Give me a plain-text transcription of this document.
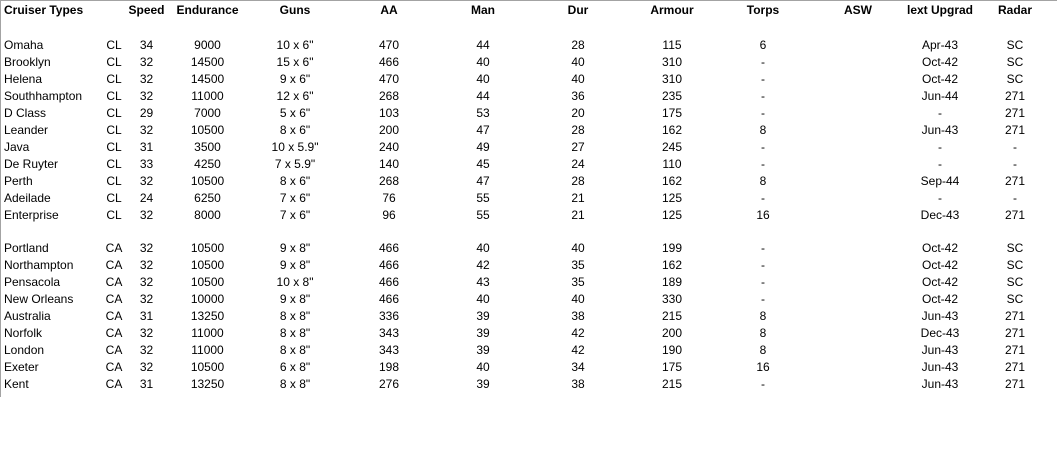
Cruiser Types		Speed	Endurance	Guns	AA	Man	Dur	Armour	Torps	ASW	lext Upgrad	Radar

Omaha	CL	34	9000	10 x 6"	470	44	28	115	6		Apr-43	SC
Brooklyn	CL	32	14500	15 x 6"	466	40	40	310	-		Oct-42	SC
Helena	CL	32	14500	9 x 6"	470	40	40	310	-		Oct-42	SC
Southhampton	CL	32	11000	12 x 6"	268	44	36	235	-		Jun-44	271
D Class	CL	29	7000	5 x 6"	103	53	20	175	-		-	271
Leander	CL	32	10500	8 x 6"	200	47	28	162	8		Jun-43	271
Java	CL	31	3500	10 x 5.9"	240	49	27	245	-		-	-
De Ruyter	CL	33	4250	7 x 5.9"	140	45	24	110	-		-	-
Perth	CL	32	10500	8 x 6"	268	47	28	162	8		Sep-44	271
Adeilade	CL	24	6250	7 x 6"	76	55	21	125	-		-	-
Enterprise	CL	32	8000	7 x 6"	96	55	21	125	16		Dec-43	271

Portland	CA	32	10500	9 x 8"	466	40	40	199	-		Oct-42	SC
Northampton	CA	32	10500	9 x 8"	466	42	35	162	-		Oct-42	SC
Pensacola	CA	32	10500	10 x 8"	466	43	35	189	-		Oct-42	SC
New Orleans	CA	32	10000	9 x 8"	466	40	40	330	-		Oct-42	SC
Australia	CA	31	13250	8 x 8"	336	39	38	215	8		Jun-43	271
Norfolk	CA	32	11000	8 x 8"	343	39	42	200	8		Dec-43	271
London	CA	32	11000	8 x 8"	343	39	42	190	8		Jun-43	271
Exeter	CA	32	10500	6 x 8"	198	40	34	175	16		Jun-43	271
Kent	CA	31	13250	8 x 8"	276	39	38	215	-		Jun-43	271
